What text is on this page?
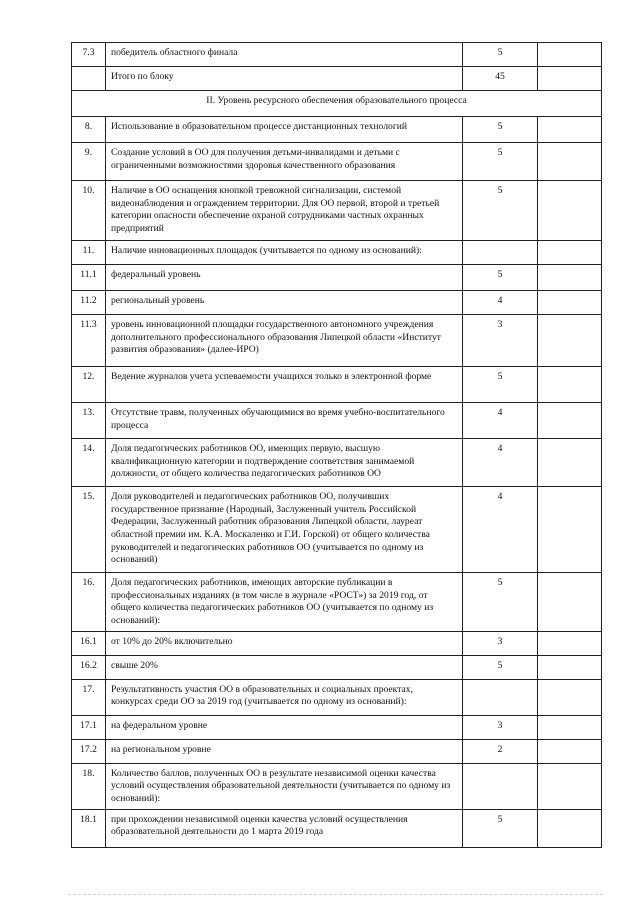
7.3	победитель областного финала	5	
	Итого по блоку	45	
II. Уровень ресурсного обеспечения образовательного процесса			
8.	Использование в образовательном процессе дистанционных технологий	5	
9.	Создание условий в ОО для получения детьми-инвалидами и детьми с ограниченными возможностями здоровья качественного образования	5	
10.	Наличие в ОО оснащения кнопкой тревожной сигнализации, системой видеонаблюдения и ограждением территории. Для ОО первой, второй и третьей категории опасности обеспечение охраной сотрудниками частных охранных предприятий	5	
11.	Наличие инновационных площадок (учитывается по одному из оснований):		
11.1	федеральный уровень	5	
11.2	региональный уровень	4	
11.3	уровень инновационной площадки государственного автономного учреждения дополнительного профессионального образования Липецкой области «Институт развития образования» (далее-ИРО)	3	
12.	Ведение журналов учета успеваемости учащихся только в электронной форме	5	
13.	Отсутствие травм, полученных обучающимися во время учебно-воспитательного процесса	4	
14.	Доля педагогических работников ОО, имеющих первую, высшую квалификационную категории и подтверждение соответствия занимаемой должности, от общего количества педагогических работников ОО	4	
15.	Доля руководителей и педагогических работников ОО, получивших государственное признание (Народный, Заслуженный учитель Российской Федерации, Заслуженный работник образования Липецкой области, лауреат областной премии им. К.А. Москаленко и Г.И. Горской) от общего количества руководителей и педагогических работников ОО (учитывается по одному из оснований)	4	
16.	Доля педагогических работников, имеющих авторские публикации в профессиональных изданиях (в том числе в журнале «РОСТ») за 2019 год, от общего количества педагогических работников ОО (учитывается по одному из оснований):	5	
16.1	от 10% до 20% включительно	3	
16.2	свыше 20%	5	
17.	Результативность участия ОО в образовательных и социальных проектах, конкурсах среди ОО за 2019 год (учитывается по одному из оснований):		
17.1	на федеральном уровне	3	
17.2	на региональном уровне	2	
18.	Количество баллов, полученных ОО в результате независимой оценки качества условий осуществления образовательной деятельности (учитывается по одному из оснований):		
18.1	при прохождении независимой оценки качества условий осуществления образовательной деятельности до 1 марта 2019 года	5	
